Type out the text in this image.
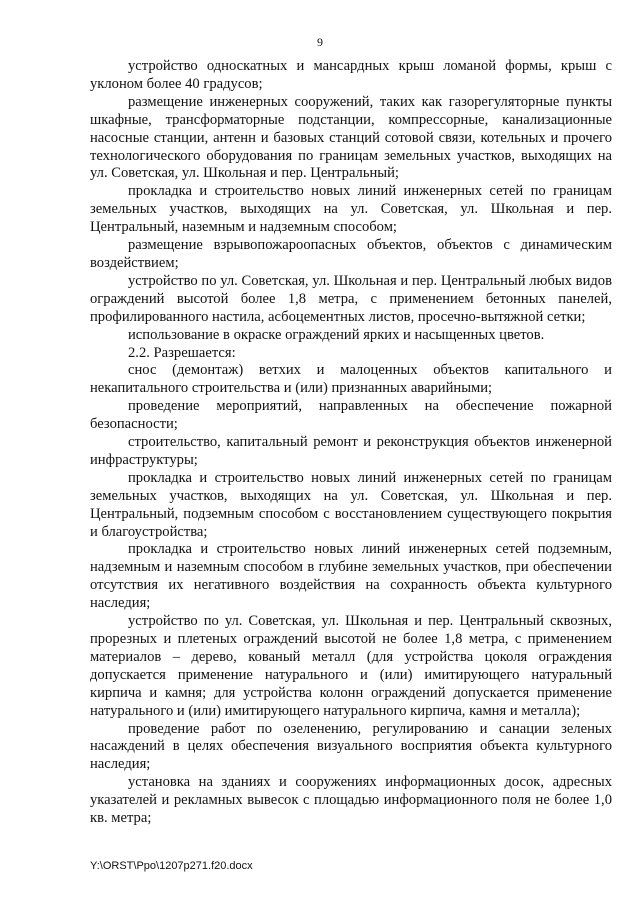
9

устройство односкатных и мансардных крыш ломаной формы, крыш с уклоном более 40 градусов;

размещение инженерных сооружений, таких как газорегуляторные пункты шкафные, трансформаторные подстанции, компрессорные, канализационные насосные станции, антенн и базовых станций сотовой связи, котельных и прочего технологического оборудования по границам земельных участков, выходящих на ул. Советская, ул. Школьная и пер. Центральный;

прокладка и строительство новых линий инженерных сетей по границам земельных участков, выходящих на ул. Советская, ул. Школьная и пер. Центральный, наземным и надземным способом;

размещение взрывопожароопасных объектов, объектов с динамическим воздействием;

устройство по ул. Советская, ул. Школьная и пер. Центральный любых видов ограждений высотой более 1,8 метра, с применением бетонных панелей, профилированного настила, асбоцементных листов, просечно-вытяжной сетки;

использование в окраске ограждений ярких и насыщенных цветов.

2.2. Разрешается:

снос (демонтаж) ветхих и малоценных объектов капитального и некапитального строительства и (или) признанных аварийными;

проведение мероприятий, направленных на обеспечение пожарной безопасности;

строительство, капитальный ремонт и реконструкция объектов инженерной инфраструктуры;

прокладка и строительство новых линий инженерных сетей по границам земельных участков, выходящих на ул. Советская, ул. Школьная и пер. Центральный, подземным способом с восстановлением существующего покрытия и благоустройства;

прокладка и строительство новых линий инженерных сетей подземным, надземным и наземным способом в глубине земельных участков, при обеспечении отсутствия их негативного воздействия на сохранность объекта культурного наследия;

устройство по ул. Советская, ул. Школьная и пер. Центральный сквозных, прорезных и плетеных ограждений высотой не более 1,8 метра, с применением материалов – дерево, кованый металл (для устройства цоколя ограждения допускается применение натурального и (или) имитирующего натуральный кирпича и камня; для устройства колонн ограждений допускается применение натурального и (или) имитирующего натурального кирпича, камня и металла);

проведение работ по озеленению, регулированию и санации зеленых насаждений в целях обеспечения визуального восприятия объекта культурного наследия;

установка на зданиях и сооружениях информационных досок, адресных указателей и рекламных вывесок с площадью информационного поля не более 1,0 кв. метра;

Y:\ORST\Ppo\1207p271.f20.docx
